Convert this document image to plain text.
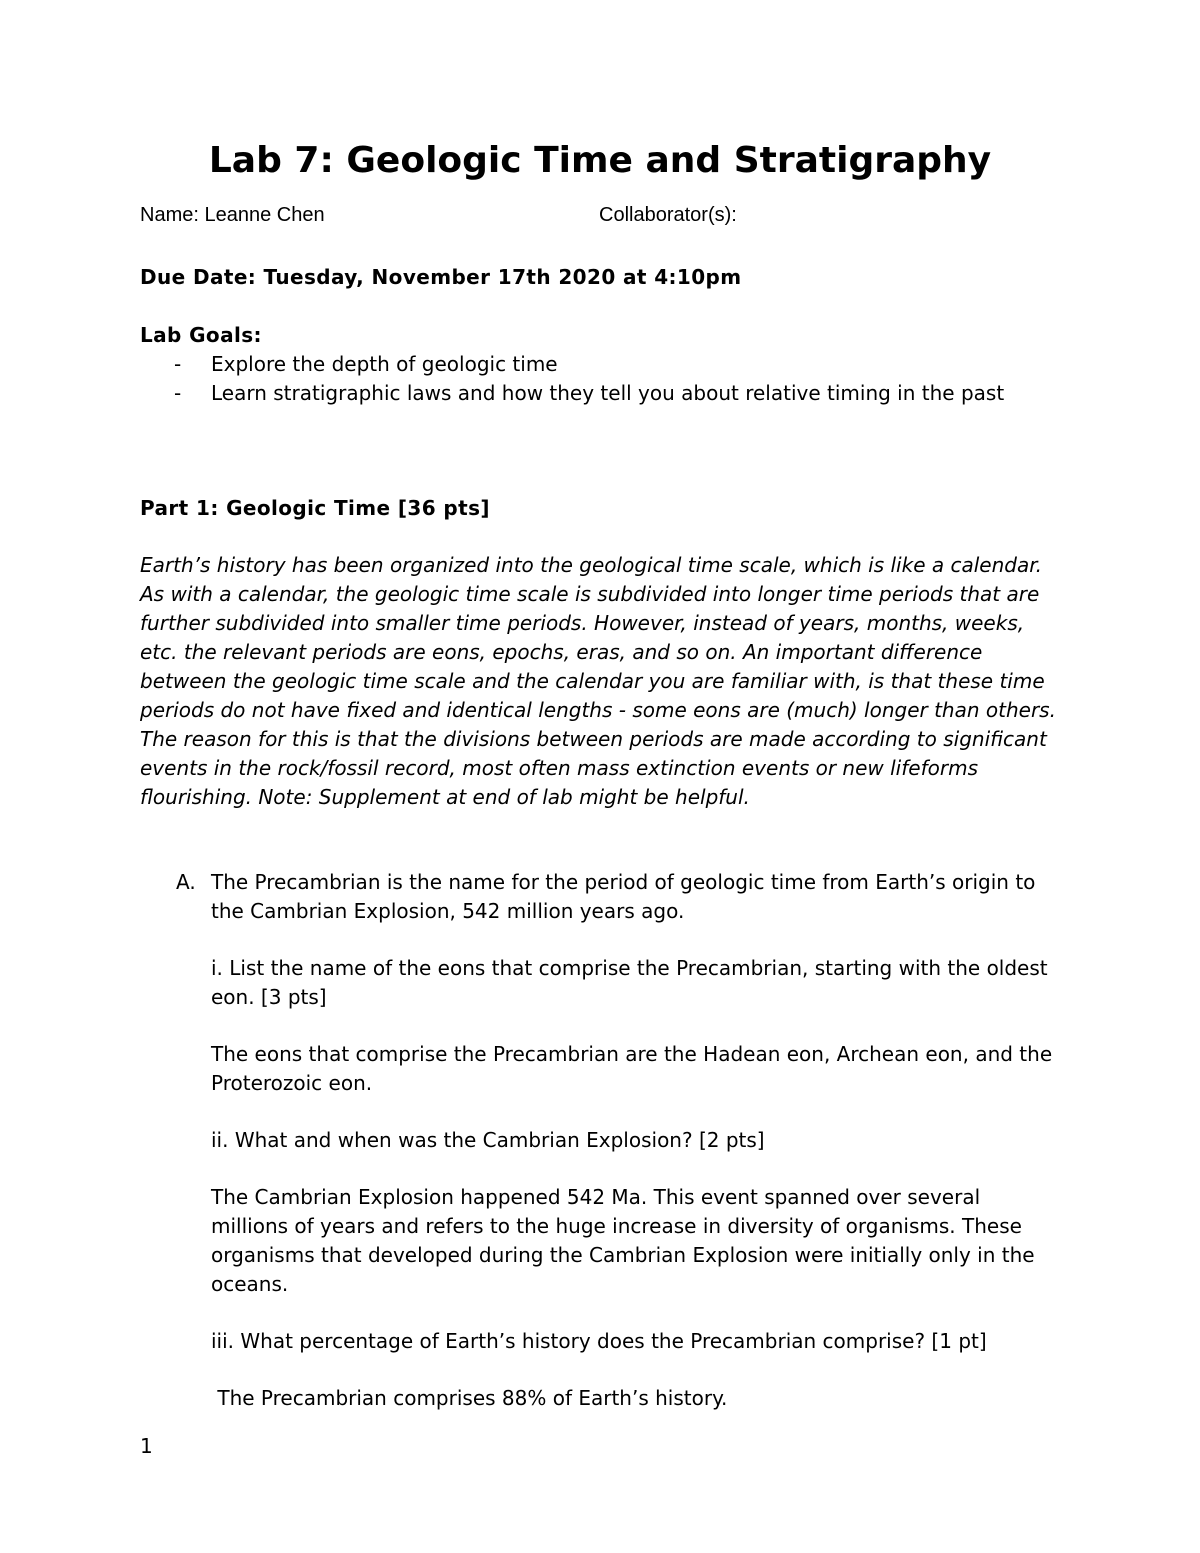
Lab 7: Geologic Time and Stratigraphy
Name: Leanne Chen	Collaborator(s):

Due Date: Tuesday, November 17th 2020 at 4:10pm

Lab Goals:

- Explore the depth of geologic time
- Learn stratigraphic laws and how they tell you about relative timing in the past

Part 1: Geologic Time [36 pts]

Earth’s history has been organized into the geological time scale, which is like a calendar. As with a calendar, the geologic time scale is subdivided into longer time periods that are further subdivided into smaller time periods. However, instead of years, months, weeks, etc. the relevant periods are eons, epochs, eras, and so on. An important difference between the geologic time scale and the calendar you are familiar with, is that these time periods do not have fixed and identical lengths - some eons are (much) longer than others. The reason for this is that the divisions between periods are made according to significant events in the rock/fossil record, most often mass extinction events or new lifeforms flourishing. Note: Supplement at end of lab might be helpful.

A. The Precambrian is the name for the period of geologic time from Earth’s origin to the Cambrian Explosion, 542 million years ago.

i. List the name of the eons that comprise the Precambrian, starting with the oldest eon. [3 pts]

The eons that comprise the Precambrian are the Hadean eon, Archean eon, and the Proterozoic eon.

ii. What and when was the Cambrian Explosion? [2 pts]

The Cambrian Explosion happened 542 Ma. This event spanned over several millions of years and refers to the huge increase in diversity of organisms. These organisms that developed during the Cambrian Explosion were initially only in the oceans.

iii. What percentage of Earth’s history does the Precambrian comprise? [1 pt]

The Precambrian comprises 88% of Earth’s history.

1
